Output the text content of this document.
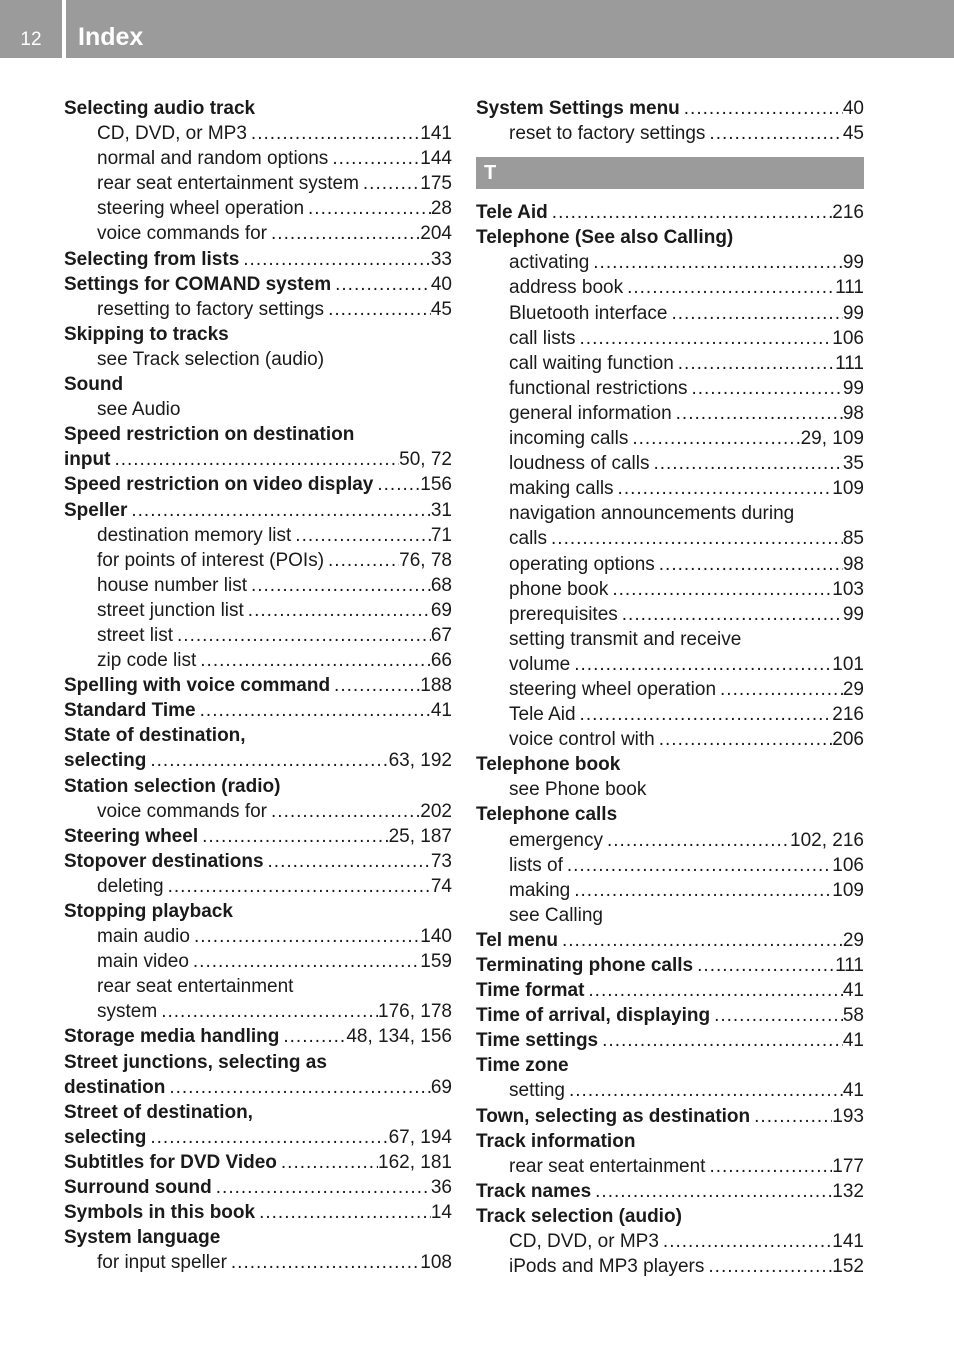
12	Index
Selecting audio track
CD, DVD, or MP3 .....	141
normal and random options .....	144
rear seat entertainment system .....	175
steering wheel operation .....	28
voice commands for .....	204
Selecting from lists .....	33
Settings for COMAND system .....	40
resetting to factory settings .....	45
Skipping to tracks
see Track selection (audio)
Sound
see Audio
Speed restriction on destination
input .....	50, 72
Speed restriction on video display ..... 156
Speller .....	31
destination memory list .....	71
for points of interest (POIs) .....	76, 78
house number list .....	68
street junction list .....	69
street list .....	67
zip code list .....	66
Spelling with voice command .....	188
Standard Time .....	41
State of destination,
selecting .....	63, 192
Station selection (radio)
voice commands for .....	202
Steering wheel .....	25, 187
Stopover destinations .....	73
deleting .....	74
Stopping playback
main audio .....	140
main video .....	159
rear seat entertainment
system .....	176, 178
Storage media handling .....	48, 134, 156
Street junctions, selecting as
destination .....	69
Street of destination,
selecting .....	67, 194
Subtitles for DVD Video .....	162, 181
Surround sound .....	36
Symbols in this book .....	14
System language
for input speller .....	108
System Settings menu .....	40
reset to factory settings .....	45
T
Tele Aid .....	216
Telephone (See also Calling)
activating .....	99
address book .....	111
Bluetooth interface .....	99
call lists .....	106
call waiting function .....	111
functional restrictions .....	99
general information .....	98
incoming calls .....	29, 109
loudness of calls .....	35
making calls .....	109
navigation announcements during
calls .....	85
operating options .....	98
phone book .....	103
prerequisites .....	99
setting transmit and receive
volume .....	101
steering wheel operation .....	29
Tele Aid .....	216
voice control with .....	206
Telephone book
see Phone book
Telephone calls
emergency .....	102, 216
lists of .....	106
making .....	109
see Calling
Tel menu .....	29
Terminating phone calls .....	111
Time format .....	41
Time of arrival, displaying .....	58
Time settings .....	41
Time zone
setting .....	41
Town, selecting as destination .....	193
Track information
rear seat entertainment .....	177
Track names .....	132
Track selection (audio)
CD, DVD, or MP3 .....	141
iPods and MP3 players .....	152
